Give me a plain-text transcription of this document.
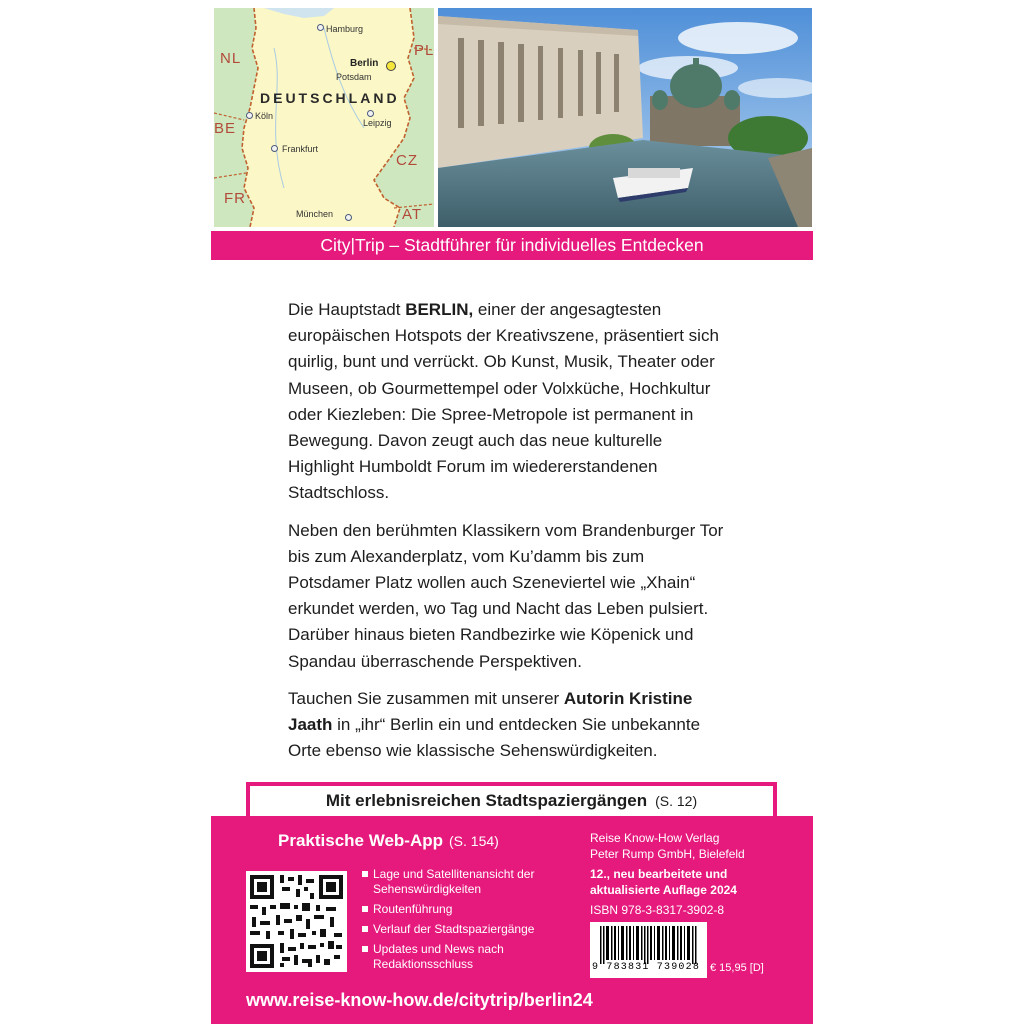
NL	PL
BE
CZ
FR
AT
DEUTSCHLAND
Hamburg
Berlin
Potsdam
Köln
Leipzig
Frankfurt
München
City|Trip – Stadtführer für individuelles Entdecken

Die Hauptstadt BERLIN, einer der angesagtesten europäischen Hotspots der Kreativszene, präsentiert sich quirlig, bunt und verrückt. Ob Kunst, Musik, Theater oder Museen, ob Gourmettempel oder Volxküche, Hochkultur oder Kiezleben: Die Spree-Metropole ist permanent in Bewegung. Davon zeugt auch das neue kulturelle Highlight Humboldt Forum im wiedererstandenen Stadtschloss.

Neben den berühmten Klassikern vom Brandenburger Tor bis zum Alexanderplatz, vom Ku’damm bis zum Potsdamer Platz wollen auch Szeneviertel wie „Xhain“ erkundet werden, wo Tag und Nacht das Leben pulsiert. Darüber hinaus bieten Randbezirke wie Köpenick und Spandau überraschende Perspektiven.

Tauchen Sie zusammen mit unserer Autorin Kristine Jaath in „ihr“ Berlin ein und entdecken Sie unbekannte Orte ebenso wie klassische Sehenswürdigkeiten.

Mit erlebnisreichen Stadtspaziergängen (S. 12)
Praktische Web-App (S. 154)
Lage und Satellitenansicht der Sehenswürdigkeiten
Routenführung
Verlauf der Stadtspaziergänge
Updates und News nach Redaktionsschluss
Reise Know-How Verlag
Peter Rump GmbH, Bielefeld
12., neu bearbeitete und
aktualisierte Auflage 2024
ISBN 978-3-8317-3902-8
9 783831 739028 € 15,95 [D]
www.reise-know-how.de/citytrip/berlin24
